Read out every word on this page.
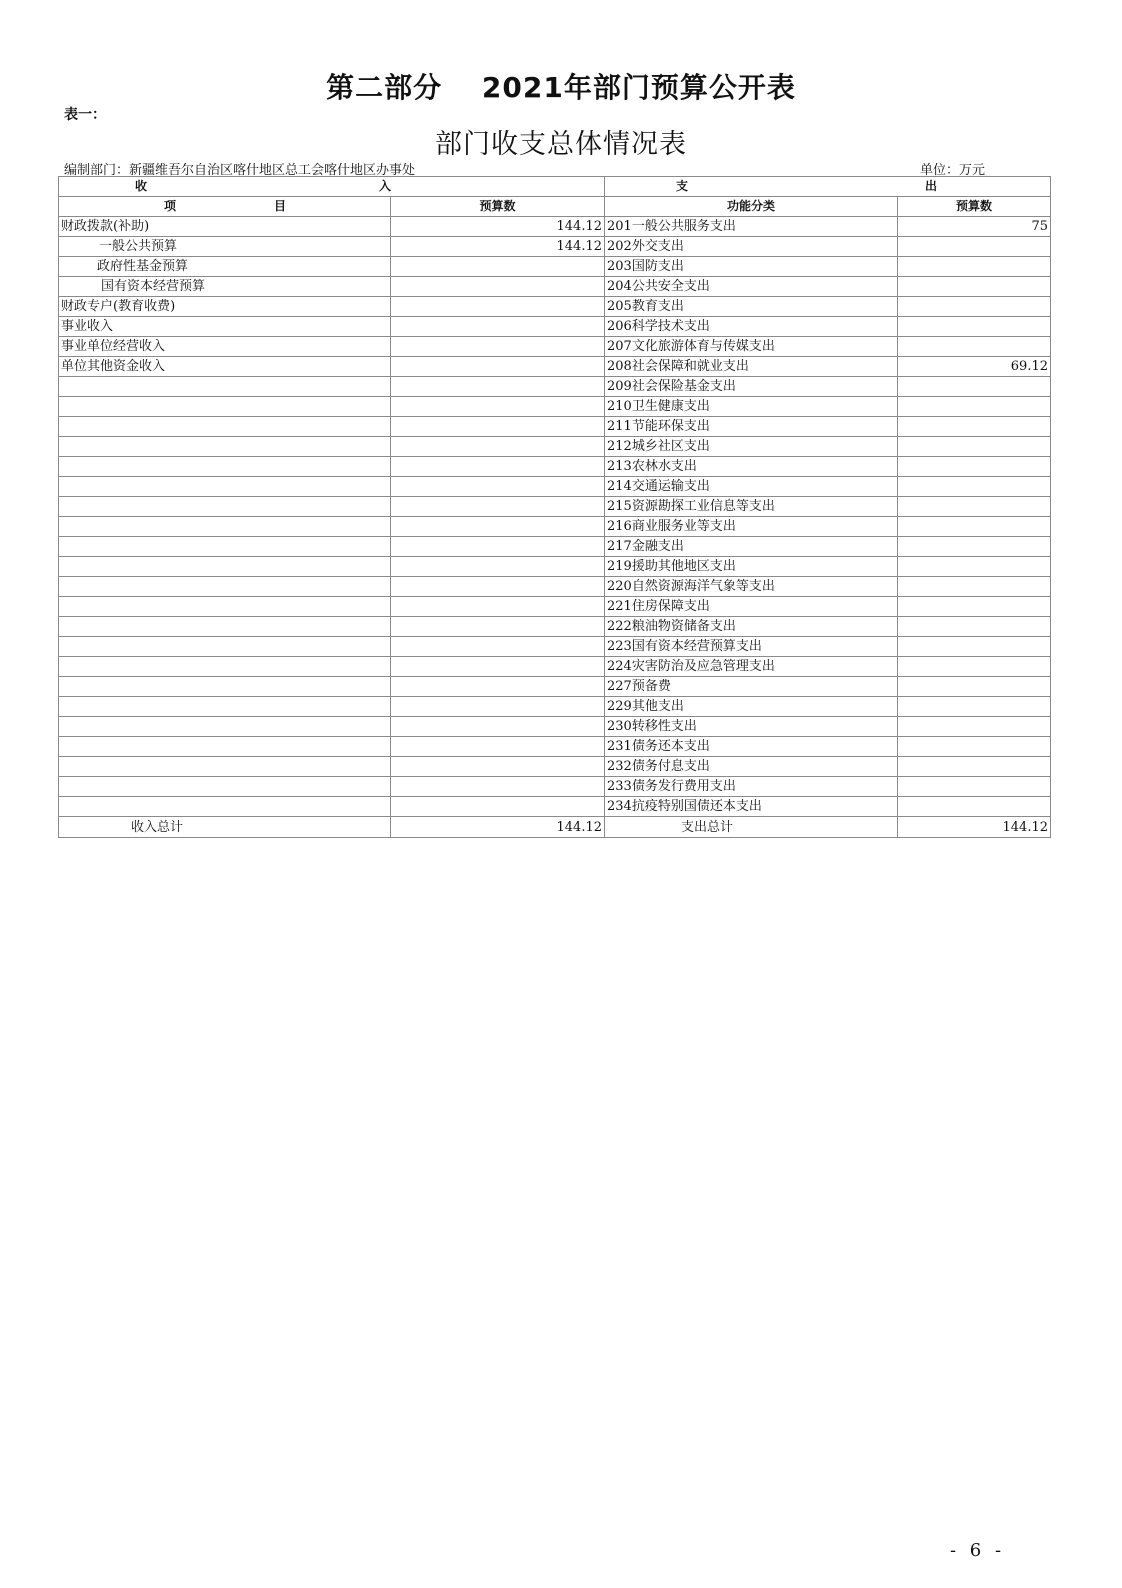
第二部分　 2021年部门预算公开表
表一：
部门收支总体情况表
编制部门：新疆维吾尔自治区喀什地区总工会喀什地区办事处	单位：万元
收 入		支 出	
项 目	预算数	功能分类	预算数
财政拨款(补助)	144.12	201一般公共服务支出	75
一般公共预算	144.12	202外交支出	
政府性基金预算		203国防支出	
国有资本经营预算		204公共安全支出	
财政专户(教育收费)		205教育支出	
事业收入		206科学技术支出	
事业单位经营收入		207文化旅游体育与传媒支出	
单位其他资金收入		208社会保障和就业支出	69.12
		209社会保险基金支出	
		210卫生健康支出	
		211节能环保支出	
		212城乡社区支出	
		213农林水支出	
		214交通运输支出	
		215资源勘探工业信息等支出	
		216商业服务业等支出	
		217金融支出	
		219援助其他地区支出	
		220自然资源海洋气象等支出	
		221住房保障支出	
		222粮油物资储备支出	
		223国有资本经营预算支出	
		224灾害防治及应急管理支出	
		227预备费	
		229其他支出	
		230转移性支出	
		231债务还本支出	
		232债务付息支出	
		233债务发行费用支出	
		234抗疫特别国债还本支出	
收入总计	144.12	支出总计	144.12
- 6 -
